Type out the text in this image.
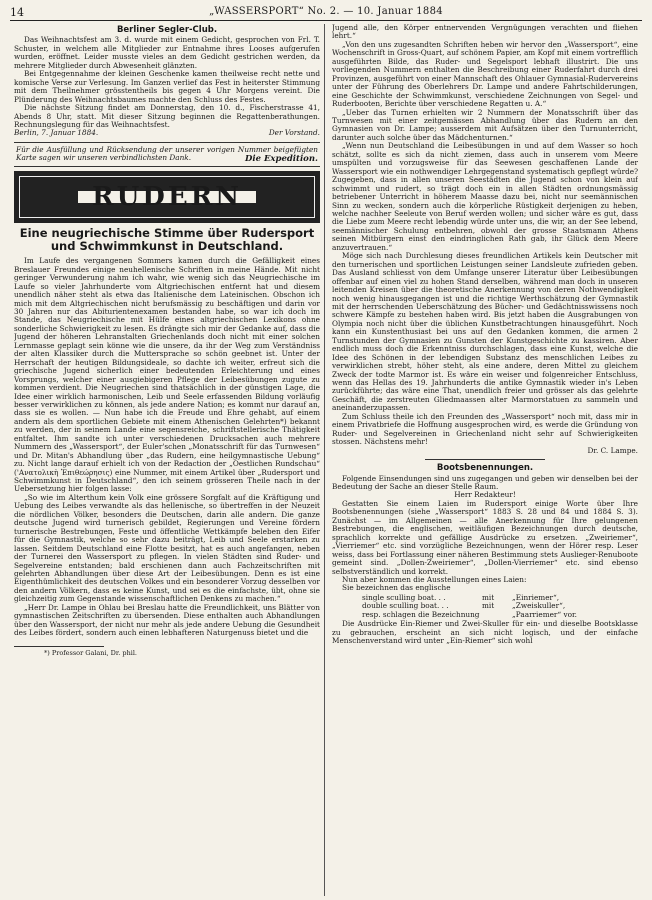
14	„WASSERSPORT“ No. 2. — 10. Januar 1884
Berliner Segler-Club.

Das Weihnachtsfest am 3. d. wurde mit einem Gedicht, gesprochen von Frl. T. Schuster, in welchem alle Mitglieder zur Entnahme ihres Looses aufgerufen wurden, eröffnet. Leider musste vieles an dem Gedicht gestrichen werden, da mehrere Mitglieder durch Abwesenheit glänzten.

Bei Entgegennahme der kleinen Geschenke kamen theilweise recht nette und komische Verse zur Verlesung. Im Ganzen verlief das Fest in heiterster Stimmung mit dem Theilnehmer grösstentheils bis gegen 4 Uhr Morgens vereint. Die Plünderung des Weihnachtsbaumes machte den Schluss des Festes.

Die nächste Sitzung findet am Donnerstag, den 10. d., Fischerstrasse 41, Abends 8 Uhr, statt. Mit dieser Sitzung beginnen die Regattenberathungen. Rechnungslegung für das Weihnachtsfest.

Berlin, 7. Januar 1884.	Der Vorstand.
Für die Ausfüllung und Rücksendung der unserer vorigen Nummer beigefügten Karte sagen wir unseren verbindlichsten Dank.	Die Expedition.
RUDERN
Eine neugriechische Stimme über Rudersport und Schwimmkunst in Deutschland.

Im Laufe des vergangenen Sommers kamen durch die Gefälligkeit eines Breslauer Freundes einige neuhellenische Schriften in meine Hände. Mit nicht geringer Verwunderung nahm ich wahr, wie wenig sich das Neugriechische im Laufe so vieler Jahrhunderte vom Altgriechischen entfernt hat und diesem unendlich näher steht als etwa das Italienische dem Lateinischen. Obschon ich mich mit dem Altgriechischen nicht berufsmässig zu beschäftigen und darin vor 30 Jahren nur das Abiturientenexamen bestanden habe, so war ich doch im Stande, das Neugriechische mit Hülfe eines altgriechischen Lexikons ohne sonderliche Schwierigkeit zu lesen. Es drängte sich mir der Gedanke auf, dass die Jugend der höheren Lehranstalten Griechenlands doch nicht mit einer solchen Lernmasse geplagt sein könne wie die unsere, da ihr der Weg zum Verständniss der alten Klassiker durch die Muttersprache so schön geebnet ist. Unter der Herrschaft der heutigen Bildungsideale, so dachte ich weiter, erfreut sich die griechische Jugend sicherlich einer bedeutenden Erleichterung und eines Vorsprungs, welcher einer ausgiebigeren Pflege der Leibesübungen zugute zu kommen verdient. Die Neugriechen sind thatsächlich in der günstigen Lage, die Idee einer wirklich harmonischen, Leib und Seele erfassenden Bildung vorläufig besser verwirklichen zu können, als jede andere Nation; es kommt nur darauf an, dass sie es wollen. — Nun habe ich die Freude und Ehre gehabt, auf einem andern als dem sportlichen Gebiete mit einem Athenischen Gelehrten*) bekannt zu werden, der in seinem Lande eine segensreiche, schriftstellerische Thätigkeit entfaltet. Ihm sandte ich unter verschiedenen Drucksachen auch mehrere Nummern des „Wassersport“, der Euler'schen „Monatsschrift für das Turnwesen“ und Dr. Mitan's Abhandlung über „das Rudern, eine heilgymnastische Uebung“ zu. Nicht lange darauf erhielt ich von der Redaction der „Oestlichen Rundschau“ ('Ανατολικὴ Ἐπιθεώρησις) eine Nummer, mit einem Artikel über „Rudersport und Schwimmkunst in Deutschland“, den ich seinem grösseren Theile nach in der Uebersetzung hier folgen lasse:

„So wie im Alterthum kein Volk eine grössere Sorgfalt auf die Kräftigung und Uebung des Leibes verwandte als das hellenische, so übertreffen in der Neuzeit die nördlichen Völker, besonders die Deutschen, darin alle andern. Die ganze deutsche Jugend wird turnerisch gebildet, Regierungen und Vereine fördern turnerische Bestrebungen, Feste und öffentliche Wettkämpfe beleben den Eifer für die Gymnastik, welche so sehr dazu beiträgt, Leib und Seele erstarken zu lassen. Seitdem Deutschland eine Flotte besitzt, hat es auch angefangen, neben der Turnerei den Wassersport zu pflegen. In vielen Städten sind Ruder- und Segelvereine entstanden; bald erschienen dann auch Fachzeitschriften mit gelehrten Abhandlungen über diese Art der Leibesübungen. Denn es ist eine Eigenthümlichkeit des deutschen Volkes und ein besonderer Vorzug desselben vor den andern Völkern, dass es keine Kunst, und sei es die einfachste, übt, ohne sie gleichzeitig zum Gegenstande wissenschaftlichen Denkens zu machen.“

„Herr Dr. Lampe in Ohlau bei Breslau hatte die Freundlichkeit, uns Blätter von gymnastischen Zeitschriften zu übersenden. Diese enthalten auch Abhandlungen über den Wassersport, der nicht nur mehr als jede andere Uebung die Gesundheit des Leibes fördert, sondern auch einen lebhafteren Naturgenuss bietet und die

*) Professor Galani, Dr. phil.

Jugend alle, den Körper entnervenden Vergnügungen verachten und fliehen lehrt.“

„Von den uns zugesandten Schriften heben wir hervor den „Wassersport“, eine Wochenschrift in Gross-Quart, auf schönem Papier, am Kopf mit einem vortrefflich ausgeführten Bilde, das Ruder- und Segelsport lebhaft illustrirt. Die uns vorliegenden Nummern enthalten die Beschreibung einer Ruderfahrt durch drei Provinzen, ausgeführt von einer Mannschaft des Ohlauer Gymnasial-Rudervereins unter der Führung des Oberlehrers Dr. Lampe und andere Fahrtschilderungen, eine Geschichte der Schwimmkunst, verschiedene Zeichnungen von Segel- und Ruderbooten, Berichte über verschiedene Regatten u. A.“

„Ueber das Turnen erhielten wir 2 Nummern der Monatsschrift über das Turnwesen mit einer zeitgemässen Abhandlung über das Rudern an den Gymnasien von Dr. Lampe; ausserdem mit Aufsätzen über den Turnunterricht, darunter auch solche über das Mädchenturnen.“

„Wenn nun Deutschland die Leibesübungen in und auf dem Wasser so hoch schätzt, sollte es sich da nicht ziemen, dass auch in unserem vom Meere umspülten und vorzugsweise für das Seewesen geschaffenen Lande der Wassersport wie ein nothwendiger Lehrgegenstand systematisch gepflegt würde? Zugegeben, dass in allen unseren Seestädten die Jugend schon von klein auf schwimmt und rudert, so trägt doch ein in allen Städten ordnungsmässig betriebener Unterricht in höherem Maasse dazu bei, nicht nur seemännischen Sinn zu wecken, sondern auch die körperliche Rüstigkeit derjenigen zu heben, welche nachher Seeleute von Beruf werden wollen; und sicher wäre es gut, dass die Liebe zum Meere recht lebendig würde unter uns, die wir, an der See lebend, seemännischer Schulung entbehren, obwohl der grosse Staatsmann Athens seinen Mitbürgern einst den eindringlichen Rath gab, ihr Glück dem Meere anzuvertrauen.“

Möge sich nach Durchlesung dieses freundlichen Artikels kein Deutscher mit den turnerischen und sportlichen Leistungen seiner Landsleute zufrieden geben. Das Ausland schliesst von dem Umfange unserer Literatur über Leibesübungen offenbar auf einen viel zu hohen Stand derselben, während man doch in unseren leitenden Kreisen über die theoretische Anerkennung von deren Nothwendigkeit noch wenig hinausgegangen ist und die richtige Werthschätzung der Gymnastik mit der herrschenden Ueberschätzung des Bücher- und Gedächtnisswissens noch schwere Kämpfe zu bestehen haben wird. Bis jetzt haben die Ausgrabungen von Olympia noch nicht über die üblichen Kunstbetrachtungen hinausgeführt. Noch kann ein Kunstenthusiast bei uns auf den Gedanken kommen, die armen 2 Turnstunden der Gymnasien zu Gunsten der Kunstgeschichte zu kassiren. Aber endlich muss doch die Erkenntniss durchschlagen, dass eine Kunst, welche die Idee des Schönen in der lebendigen Substanz des menschlichen Leibes zu verwirklichen strebt, höher steht, als eine andere, deren Mittel zu gleichem Zweck der todte Marmor ist. Es wäre ein weiser und folgenreicher Entschluss, wenn das Hellas des 19. Jahrhunderts die antike Gymnastik wieder in's Leben zurückführte; das wäre eine That, unendlich freier und grösser als das gelehrte Geschäft, die zerstreuten Gliedmaassen alter Marmorstatuen zu sammeln und aneinanderzupassen.

Zum Schluss theile ich den Freunden des „Wassersport“ noch mit, dass mir in einem Privatbriefe die Hoffnung ausgesprochen wird, es werde die Gründung von Ruder- und Segelvereinen in Griechenland nicht sehr auf Schwierigkeiten stossen. Nächstens mehr!

Dr. C. Lampe.
Bootsbenennungen.

Folgende Einsendungen sind uns zugegangen und geben wir denselben bei der Bedeutung der Sache an dieser Stelle Raum.

Herr Redakteur!

Gestatten Sie einem Laien im Rudersport einige Worte über Ihre Bootsbenennungen (siehe „Wassersport“ 1883 S. 28 und 84 und 1884 S. 3). Zunächst — im Allgemeinen — alle Anerkennung für Ihre gelungenen Bestrebungen, die englischen, weitläufigen Bezeichnungen durch deutsche, sprachlich korrekte und gefällige Ausdrücke zu ersetzen. „Zweiriemer“, „Vierriemer“ etc. sind vorzügliche Bezeichnungen, wenn der Hörer resp. Leser weiss, dass bei Fortlassung einer näheren Bestimmung stets Auslieger-Renuboote gemeint sind. „Dollen-Zweiriemer“, „Dollen-Vierriemer“ etc. sind ebenso selbstverständlich und korrekt.

Nun aber kommen die Ausstellungen eines Laien:

Sie bezeichnen das englische

single sculling boat. . .	mit	„Einriemer“,
double sculling boat. . .	mit	„Zweiskuller“,
resp. schlagen die Bezeichnung	„Paarriemer“ vor.

Die Ausdrücke Ein-Riemer und Zwei-Skuller für ein- und dieselbe Bootsklasse zu gebrauchen, erscheint an sich nicht logisch, und der einfache Menschenverstand wird unter „Ein-Riemer“ sich wohl
